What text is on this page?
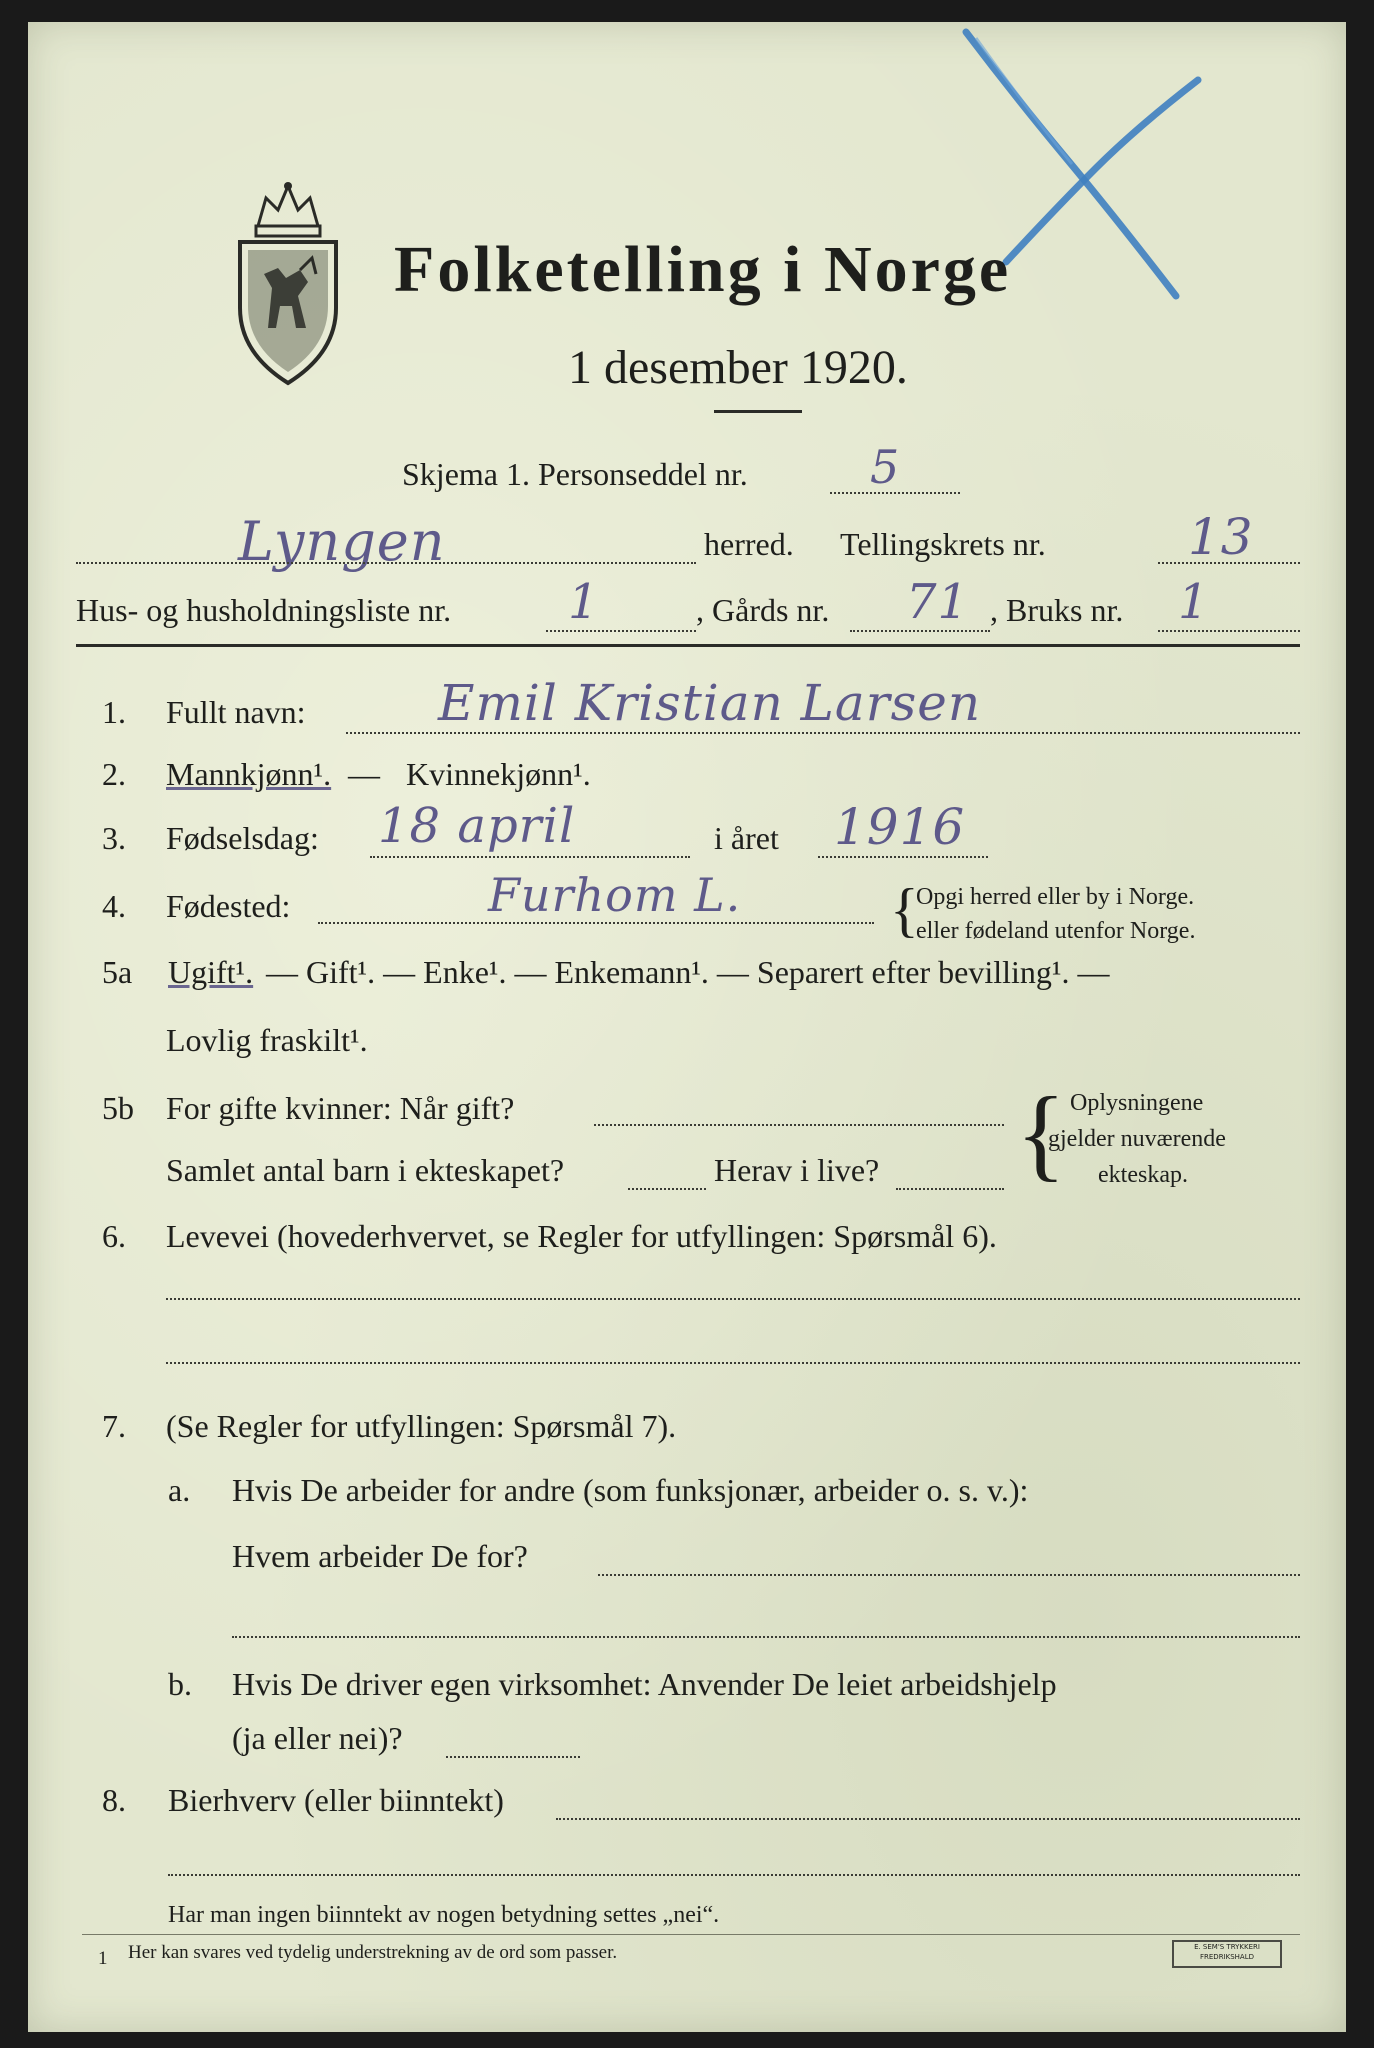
Folketelling i Norge
1 desember 1920.
Skjema 1. Personseddel nr.	5
Lyngen	herred. Tellingskrets nr.	13
Hus- og husholdningsliste nr. 1	, Gårds nr. 71 , Bruks nr. 1
1. Fullt navn:	Emil Kristian Larsen
2. Mannkjønn¹. — Kvinnekjønn¹.
3. Fødselsdag: 18 april	i året 1916
4. Fødested:	Furhom L. {
Opgi herred eller by i Norge.
eller fødeland utenfor Norge.
5a Ugift¹. — Gift¹. — Enke¹. — Enkemann¹. — Separert efter bevilling¹. —
Lovlig fraskilt¹.
5b For gifte kvinner: Når gift?
Samlet antal barn i ekteskapet?	Herav i live? { Oplysningene
gjelder nuværende
ekteskap.
6. Levevei (hovederhvervet, se Regler for utfyllingen: Spørsmål 6).
7. (Se Regler for utfyllingen: Spørsmål 7).
a. Hvis De arbeider for andre (som funksjonær, arbeider o. s. v.):
Hvem arbeider De for?
b. Hvis De driver egen virksomhet: Anvender De leiet arbeidshjelp
(ja eller nei)?
8. Bierhverv (eller biinntekt)
Har man ingen biinntekt av nogen betydning settes „nei“.
1 Her kan svares ved tydelig understrekning av de ord som passer.	E. SEM'S TRYKKERI
FREDRIKSHALD
